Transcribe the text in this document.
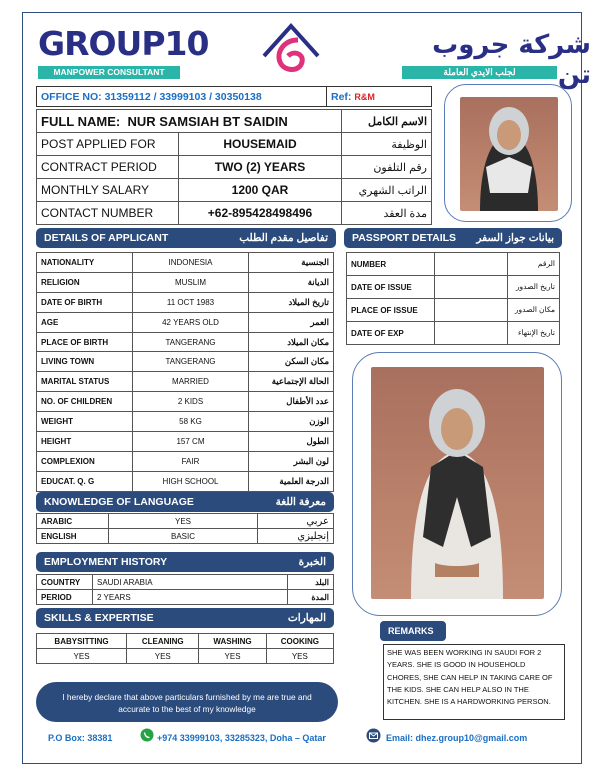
GROUP10
MANPOWER CONSULTANT
شركة جروب تن
لجلب الايدي العاملة
OFFICE NO: 31359112 / 33999103 / 30350138	Ref: R&M
FULL NAME: NUR SAMSIAH BT SAIDIN		الاسم الكامل
POST APPLIED FOR	HOUSEMAID	الوظيفة
CONTRACT PERIOD	TWO (2) YEARS	رقم التلفون
MONTHLY SALARY	1200 QAR	الراتب الشهري
CONTACT NUMBER	+62-895428498496	مدة العقد
DETAILS OF APPLICANT	تفاصيل مقدم الطلب
NATIONALITY	INDONESIA	الجنسية
RELIGION	MUSLIM	الديانة
DATE OF BIRTH	11 OCT 1983	تاريخ الميلاد
AGE	42 YEARS OLD	العمر
PLACE OF BIRTH	TANGERANG	مكان الميلاد
LIVING TOWN	TANGERANG	مكان السكن
MARITAL STATUS	MARRIED	الحالة الإجتماعية
NO. OF CHILDREN	2 KIDS	عدد الأطفال
WEIGHT	58 KG	الوزن
HEIGHT	157 CM	الطول
COMPLEXION	FAIR	لون البشر
EDUCAT. Q. G	HIGH SCHOOL	الدرجة العلمية
PASSPORT DETAILS بيانات جواز السفر
NUMBER		الرقم
DATE OF ISSUE		تاريخ الصدور
PLACE OF ISSUE		مكان الصدور
DATE OF EXP		تاريخ الإنتهاء
KNOWLEDGE OF LANGUAGE	معرفة اللغة
ARABIC	YES	عربي
ENGLISH	BASIC	إنجليزي
EMPLOYMENT HISTORY	الخبرة
COUNTRY	SAUDI ARABIA	البلد
PERIOD	2 YEARS	المدة
SKILLS & EXPERTISE	المهارات
BABYSITTING	CLEANING	WASHING	COOKING
YES	YES	YES	YES
REMARKS
SHE WAS BEEN WORKING IN SAUDI FOR 2 YEARS. SHE IS GOOD IN HOUSEHOLD CHORES, SHE CAN HELP IN TAKING CARE OF THE KIDS. SHE CAN HELP ALSO IN THE KITCHEN. SHE IS A HARDWORKING PERSON.
I hereby declare that above particulars furnished by me are true and accurate to the best of my knowledge
P.O Box: 38381	+974 33999103, 33285323, Doha – Qatar	Email: dhez.group10@gmail.com
